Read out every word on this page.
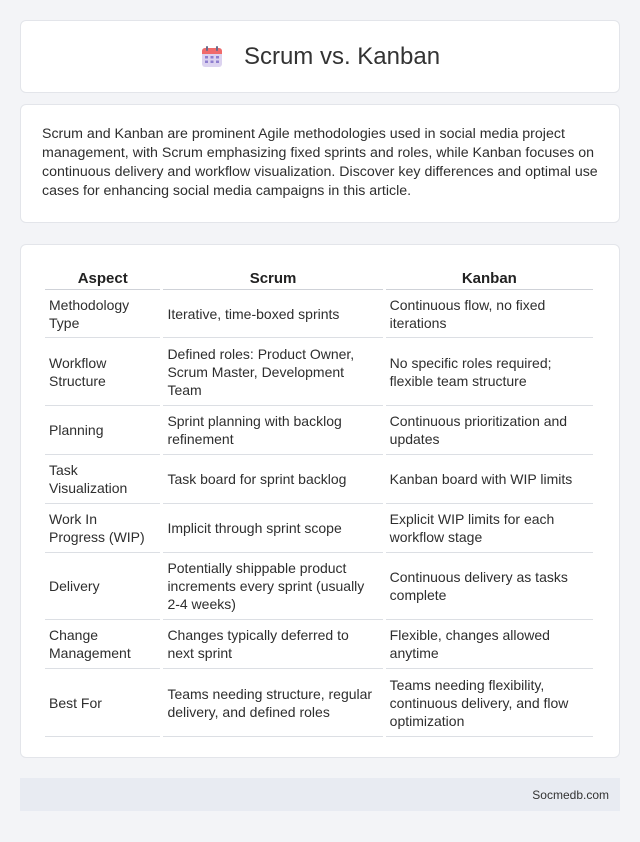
Scrum vs. Kanban

Scrum and Kanban are prominent Agile methodologies used in social media project management, with Scrum emphasizing fixed sprints and roles, while Kanban focuses on continuous delivery and workflow visualization. Discover key differences and optimal use cases for enhancing social media campaigns in this article.

Aspect	Scrum	Kanban
Methodology Type	Iterative, time-boxed sprints	Continuous flow, no fixed iterations
Workflow Structure	Defined roles: Product Owner, Scrum Master, Development Team	No specific roles required; flexible team structure
Planning	Sprint planning with backlog refinement	Continuous prioritization and updates
Task Visualization	Task board for sprint backlog	Kanban board with WIP limits
Work In Progress (WIP)	Implicit through sprint scope	Explicit WIP limits for each workflow stage
Delivery	Potentially shippable product increments every sprint (usually 2-4 weeks)	Continuous delivery as tasks complete
Change Management	Changes typically deferred to next sprint	Flexible, changes allowed anytime
Best For	Teams needing structure, regular delivery, and defined roles	Teams needing flexibility, continuous delivery, and flow optimization
Socmedb.com
